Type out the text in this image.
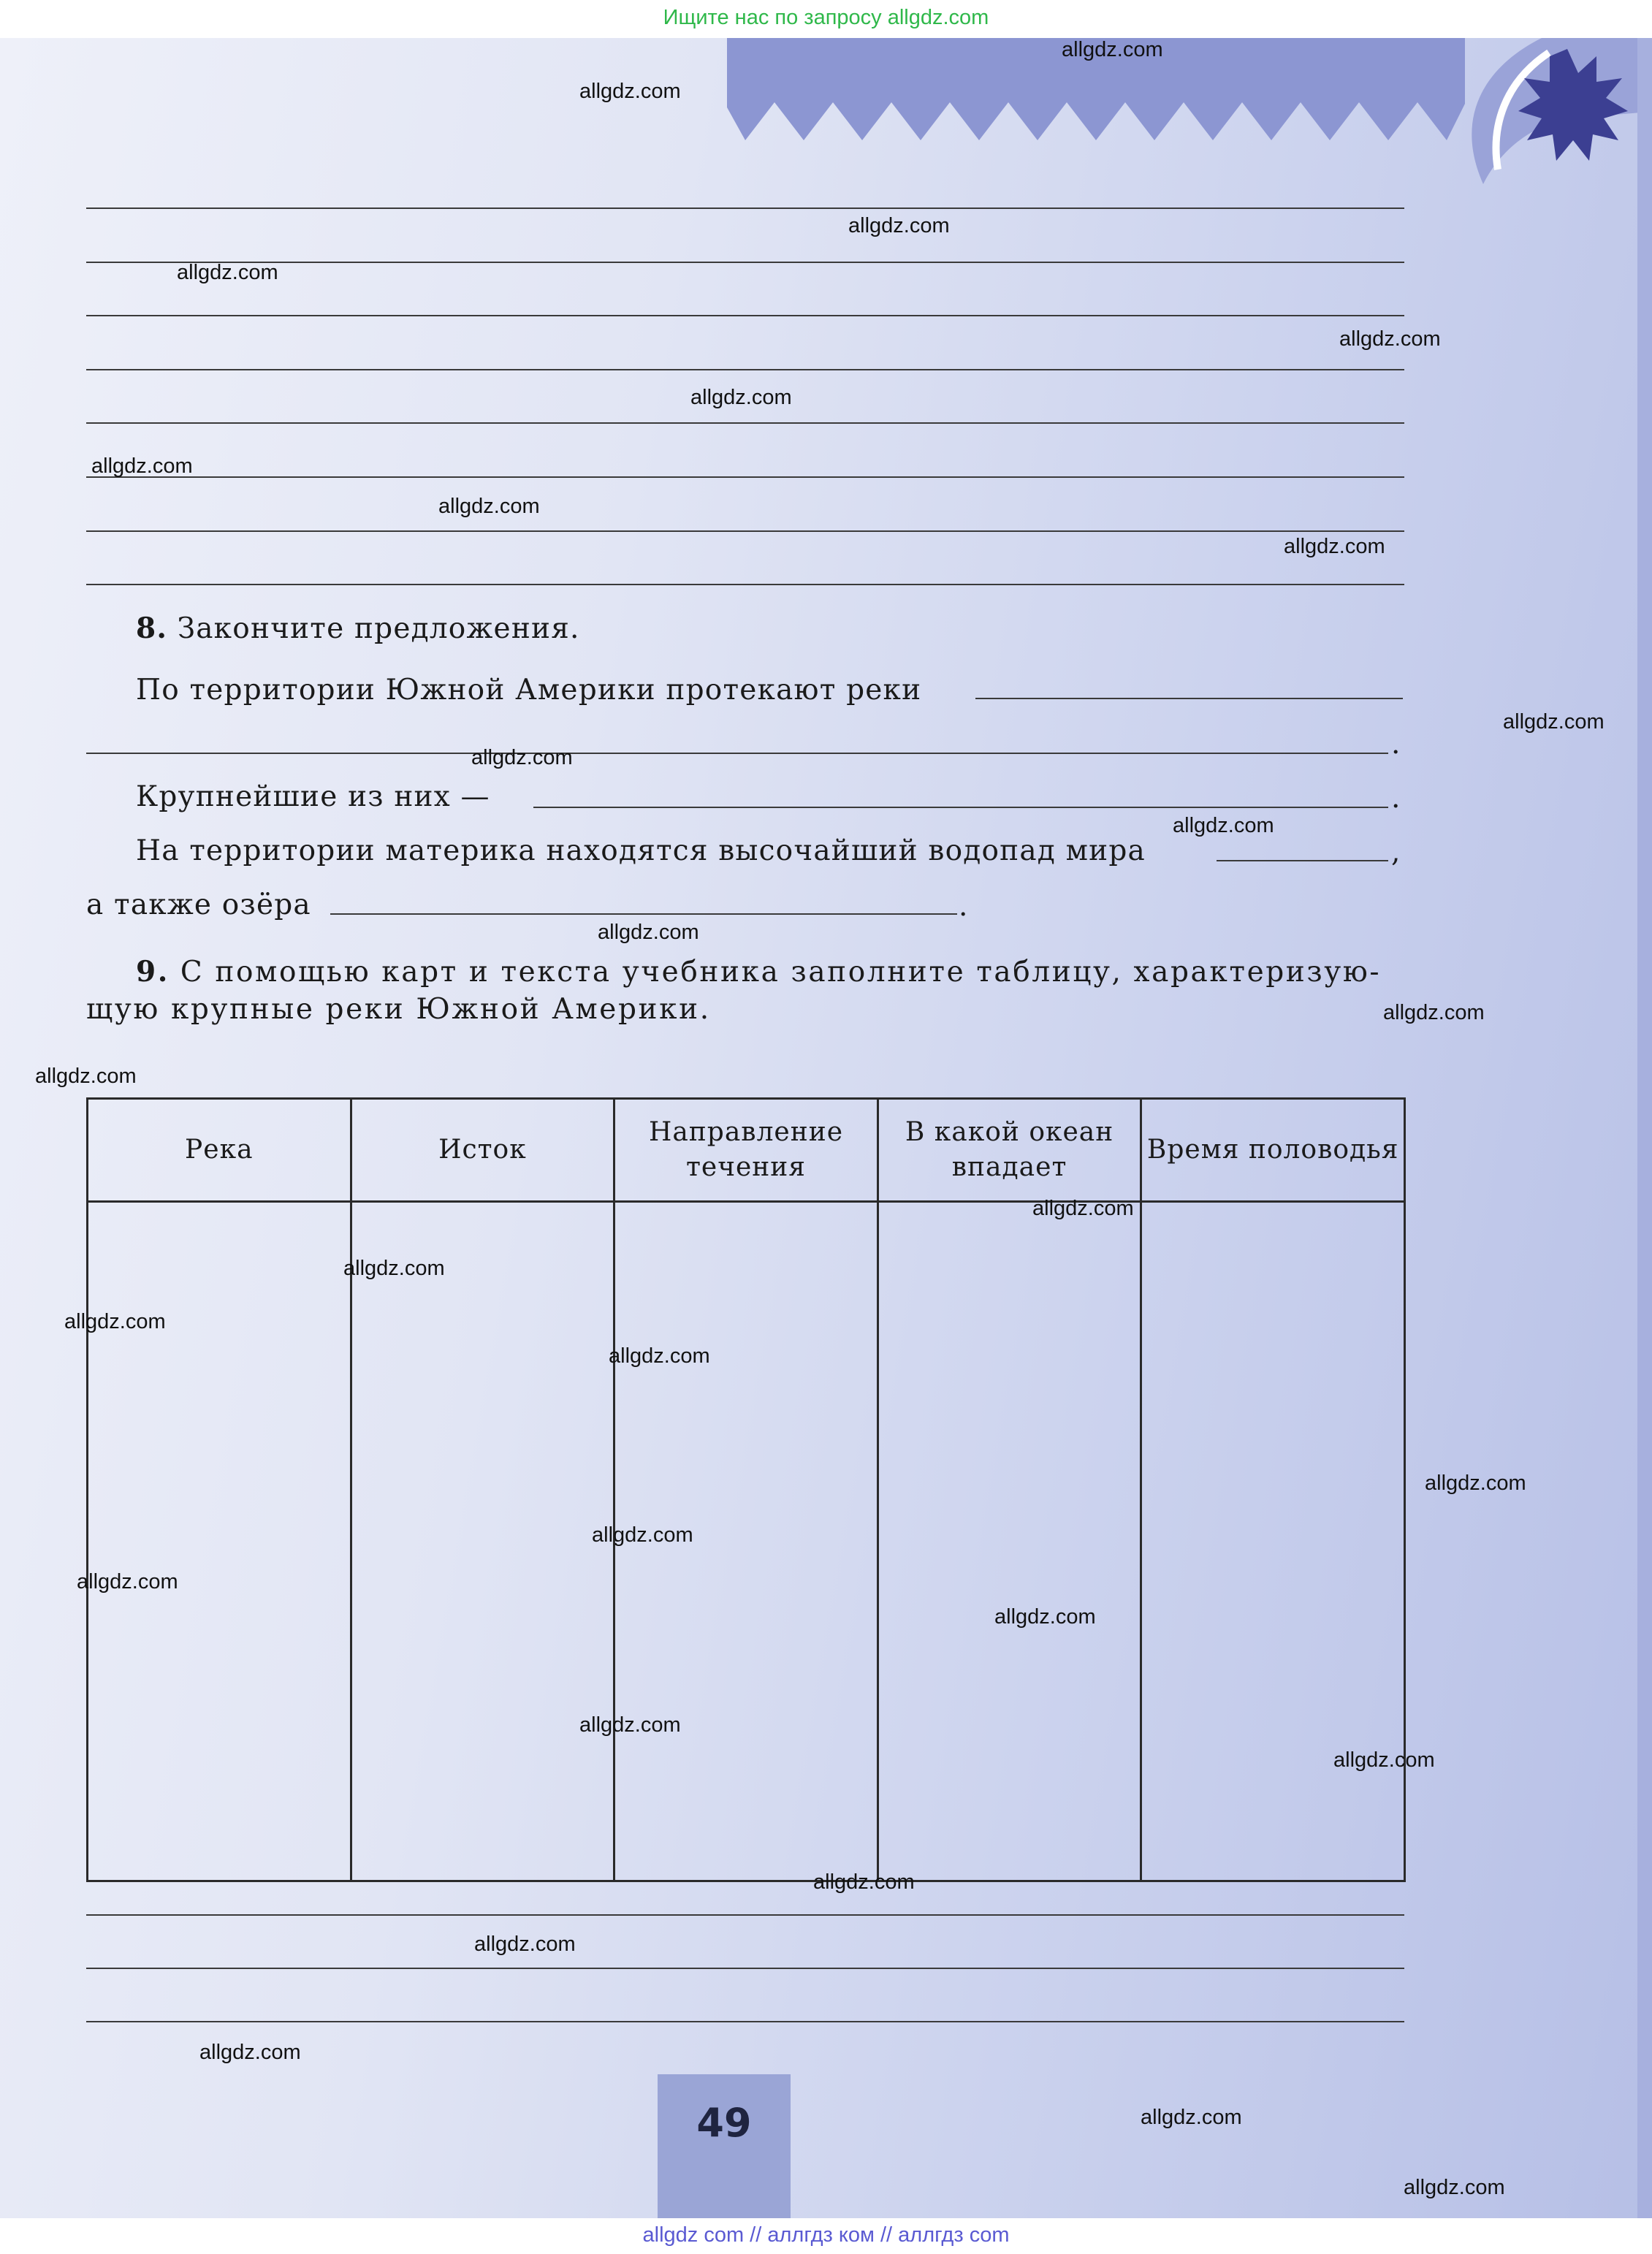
Ищите нас по запросу allgdz.com
8. Закончите предложения.
По территории Южной Америки протекают реки
.
Крупнейшие из них —	.
На территории материка находятся высочайший водопад мира	,
а также озёра	.
9. С помощью карт и текста учебника заполните таблицу, характеризую-
щую крупные реки Южной Америки.
Река	Исток	Направление течения	В какой океан впадает	Время половодья

49
allgdz.com
allgdz.com
allgdz.com
allgdz.com
allgdz.com
allgdz.com
allgdz.com
allgdz.com
allgdz.com
allgdz.com
allgdz.com
allgdz.com
allgdz.com
allgdz.com
allgdz.com
allgdz.com
allgdz.com
allgdz.com
allgdz.com
allgdz.com
allgdz.com
allgdz.com
allgdz.com
allgdz.com
allgdz.com
allgdz.com
allgdz.com
allgdz.com
allgdz.com
allgdz.com
allgdz com // аллгдз ком // аллгдз com
